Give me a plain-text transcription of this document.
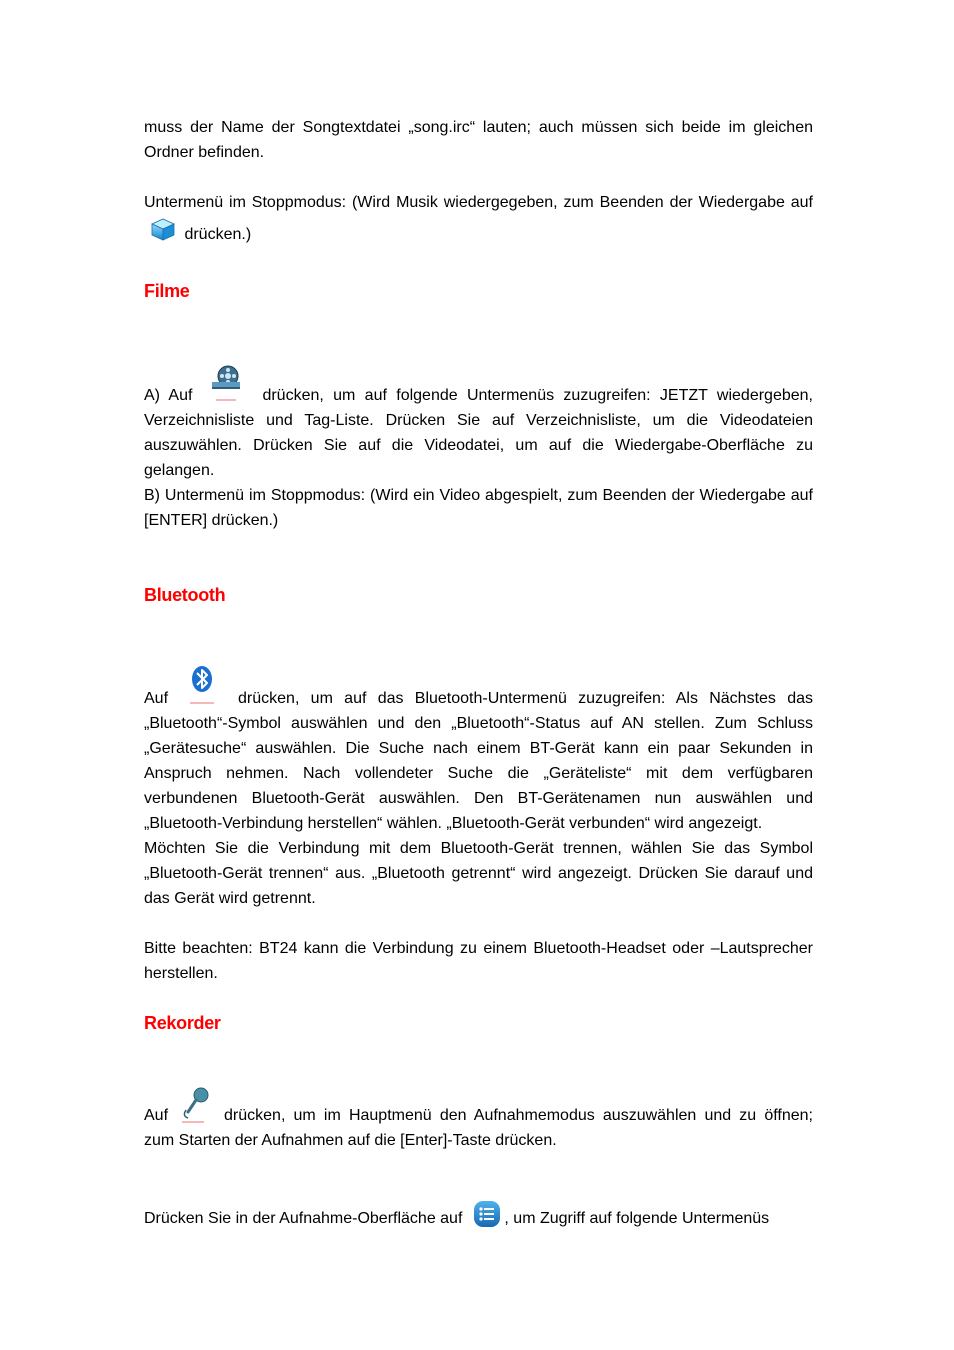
muss der Name der Songtextdatei „song.irc“ lauten; auch müssen sich beide im gleichen Ordner befinden.

Untermenü im Stoppmodus: (Wird Musik wiedergegeben, zum Beenden der Wiedergabe auf
drücken.)

Filme

A) Auf	drücken, um auf folgende Untermenüs zuzugreifen: JETZT wiedergeben, Verzeichnisliste und Tag-Liste. Drücken Sie auf Verzeichnisliste, um die Videodateien auszuwählen. Drücken Sie auf die Videodatei, um auf die Wiedergabe-Oberfläche zu gelangen.

B) Untermenü im Stoppmodus: (Wird ein Video abgespielt, zum Beenden der Wiedergabe auf [ENTER] drücken.)

Bluetooth

Auf	drücken, um auf das Bluetooth-Untermenü zuzugreifen: Als Nächstes das „Bluetooth“-Symbol auswählen und den „Bluetooth“-Status auf AN stellen. Zum Schluss „Gerätesuche“ auswählen. Die Suche nach einem BT-Gerät kann ein paar Sekunden in Anspruch nehmen. Nach vollendeter Suche die „Geräteliste“ mit dem verfügbaren verbundenen Bluetooth-Gerät auswählen. Den BT-Gerätenamen nun auswählen und „Bluetooth-Verbindung herstellen“ wählen. „Bluetooth-Gerät verbunden“ wird angezeigt.

Möchten Sie die Verbindung mit dem Bluetooth-Gerät trennen, wählen Sie das Symbol „Bluetooth-Gerät trennen“ aus. „Bluetooth getrennt“ wird angezeigt. Drücken Sie darauf und das Gerät wird getrennt.

Bitte beachten: BT24 kann die Verbindung zu einem Bluetooth-Headset oder –Lautsprecher herstellen.

Rekorder

Auf	drücken, um im Hauptmenü den Aufnahmemodus auszuwählen und zu öffnen; zum Starten der Aufnahmen auf die [Enter]-Taste drücken.

Drücken Sie in der Aufnahme-Oberfläche auf	, um Zugriff auf folgende Untermenüs
